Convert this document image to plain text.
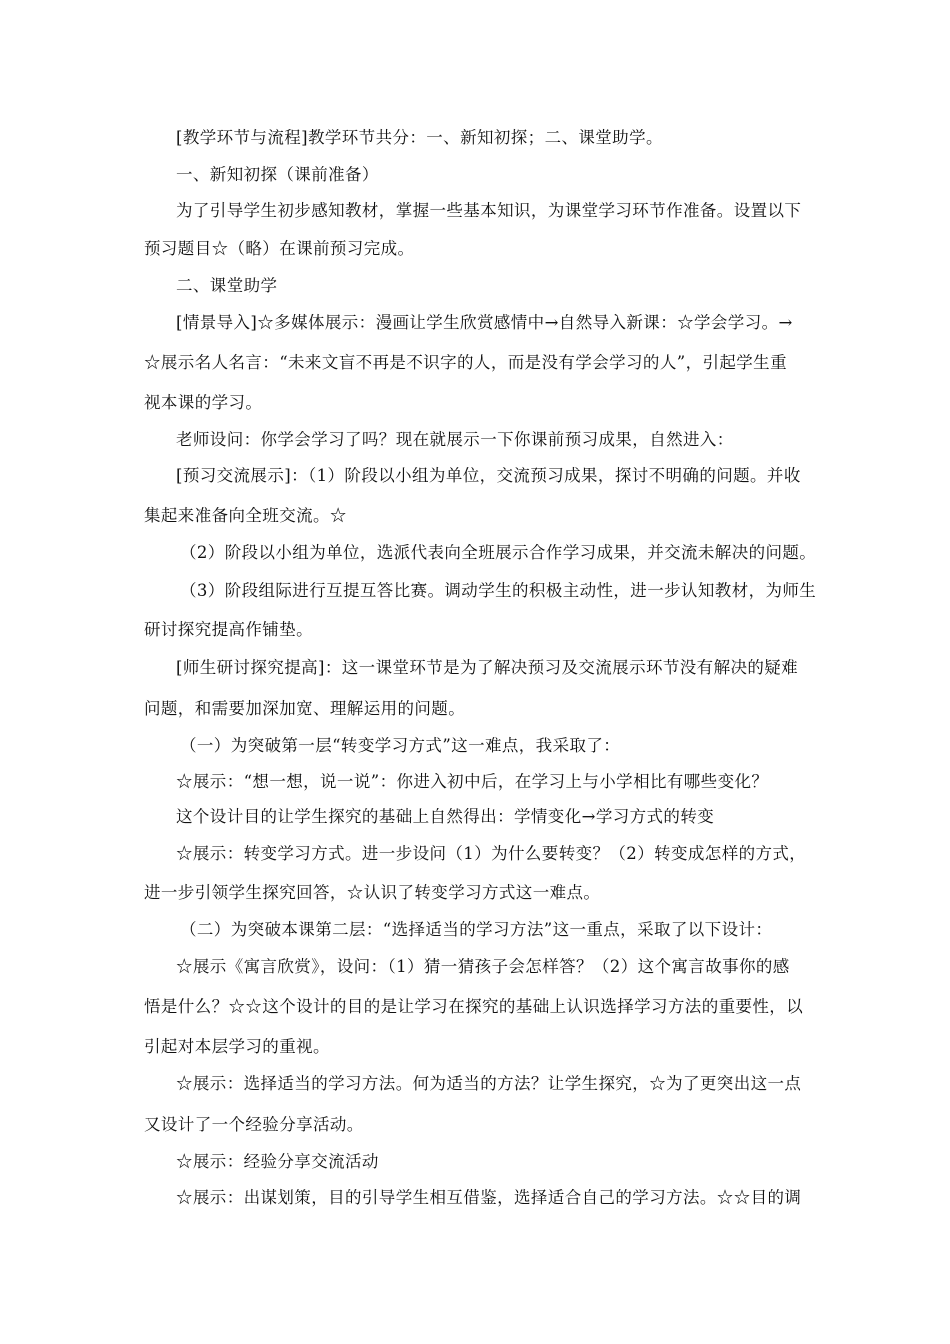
[教学环节与流程]教学环节共分：一、新知初探；二、课堂助学。
一、新知初探（课前准备）
为了引导学生初步感知教材，掌握一些基本知识，为课堂学习环节作准备。设置以下
预习题目☆（略）在课前预习完成。
二、课堂助学
[情景导入]☆多媒体展示：漫画让学生欣赏感情中→自然导入新课：☆学会学习。→
☆展示名人名言：“未来文盲不再是不识字的人，而是没有学会学习的人”，引起学生重
视本课的学习。
老师设问：你学会学习了吗？现在就展示一下你课前预习成果，自然进入：
[预习交流展示]：（1）阶段以小组为单位，交流预习成果，探讨不明确的问题。并收
集起来准备向全班交流。☆
（2）阶段以小组为单位，选派代表向全班展示合作学习成果，并交流未解决的问题。
（3）阶段组际进行互提互答比赛。调动学生的积极主动性，进一步认知教材，为师生
研讨探究提高作铺垫。
[师生研讨探究提高]：这一课堂环节是为了解决预习及交流展示环节没有解决的疑难
问题，和需要加深加宽、理解运用的问题。
（一）为突破第一层“转变学习方式”这一难点，我采取了：
☆展示：“想一想，说一说”：你进入初中后，在学习上与小学相比有哪些变化？
这个设计目的让学生探究的基础上自然得出：学情变化→学习方式的转变
☆展示：转变学习方式。进一步设问（1）为什么要转变？（2）转变成怎样的方式，
进一步引领学生探究回答，☆认识了转变学习方式这一难点。
（二）为突破本课第二层：“选择适当的学习方法”这一重点，采取了以下设计：
☆展示《寓言欣赏》，设问：（1）猜一猜孩子会怎样答？（2）这个寓言故事你的感
悟是什么？☆☆这个设计的目的是让学习在探究的基础上认识选择学习方法的重要性，以
引起对本层学习的重视。
☆展示：选择适当的学习方法。何为适当的方法？让学生探究，☆为了更突出这一点
又设计了一个经验分享活动。
☆展示：经验分享交流活动
☆展示：出谋划策，目的引导学生相互借鉴，选择适合自己的学习方法。☆☆目的调
